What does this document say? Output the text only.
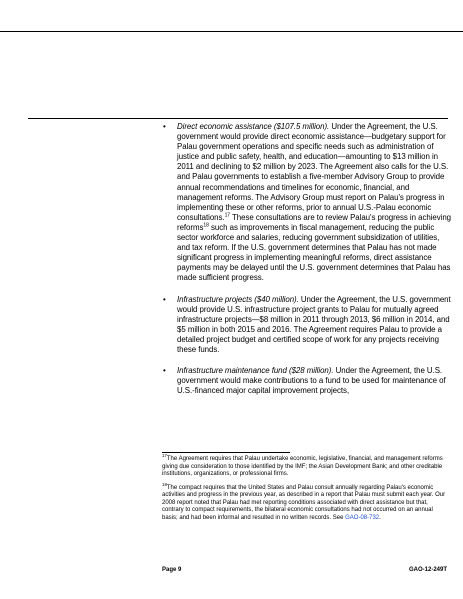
• Direct economic assistance ($107.5 million). Under the Agreement, the U.S. government would provide direct economic assistance—budgetary support for Palau government operations and specific needs such as administration of justice and public safety, health, and education—amounting to $13 million in 2011 and declining to $2 million by 2023. The Agreement also calls for the U.S. and Palau governments to establish a five-member Advisory Group to provide annual recommendations and timelines for economic, financial, and management reforms. The Advisory Group must report on Palau's progress in implementing these or other reforms, prior to annual U.S.-Palau economic consultations.$^{17}$ These consultations are to review Palau's progress in achieving reforms$^{18}$ such as improvements in fiscal management, reducing the public sector workforce and salaries, reducing government subsidization of utilities, and tax reform. If the U.S. government determines that Palau has not made significant progress in implementing meaningful reforms, direct assistance payments may be delayed until the U.S. government determines that Palau has made sufficient progress.
• Infrastructure projects ($40 million). Under the Agreement, the U.S. government would provide U.S. infrastructure project grants to Palau for mutually agreed infrastructure projects—$8 million in 2011 through 2013, $6 million in 2014, and $5 million in both 2015 and 2016. The Agreement requires Palau to provide a detailed project budget and certified scope of work for any projects receiving these funds.
• Infrastructure maintenance fund ($28 million). Under the Agreement, the U.S. government would make contributions to a fund to be used for maintenance of U.S.-financed major capital improvement projects,

$^{17}$The Agreement requires that Palau undertake economic, legislative, financial, and management reforms giving due consideration to those identified by the IMF; the Asian Development Bank; and other creditable institutions, organizations, or professional firms.

$^{18}$The compact requires that the United States and Palau consult annually regarding Palau's economic activities and progress in the previous year, as described in a report that Palau must submit each year. Our 2008 report noted that Palau had met reporting conditions associated with direct assistance but that, contrary to compact requirements, the bilateral economic consultations had not occurred on an annual basis; and had been informal and resulted in no written records. See GAO-08-732.

Page 9	GAO-12-249T
